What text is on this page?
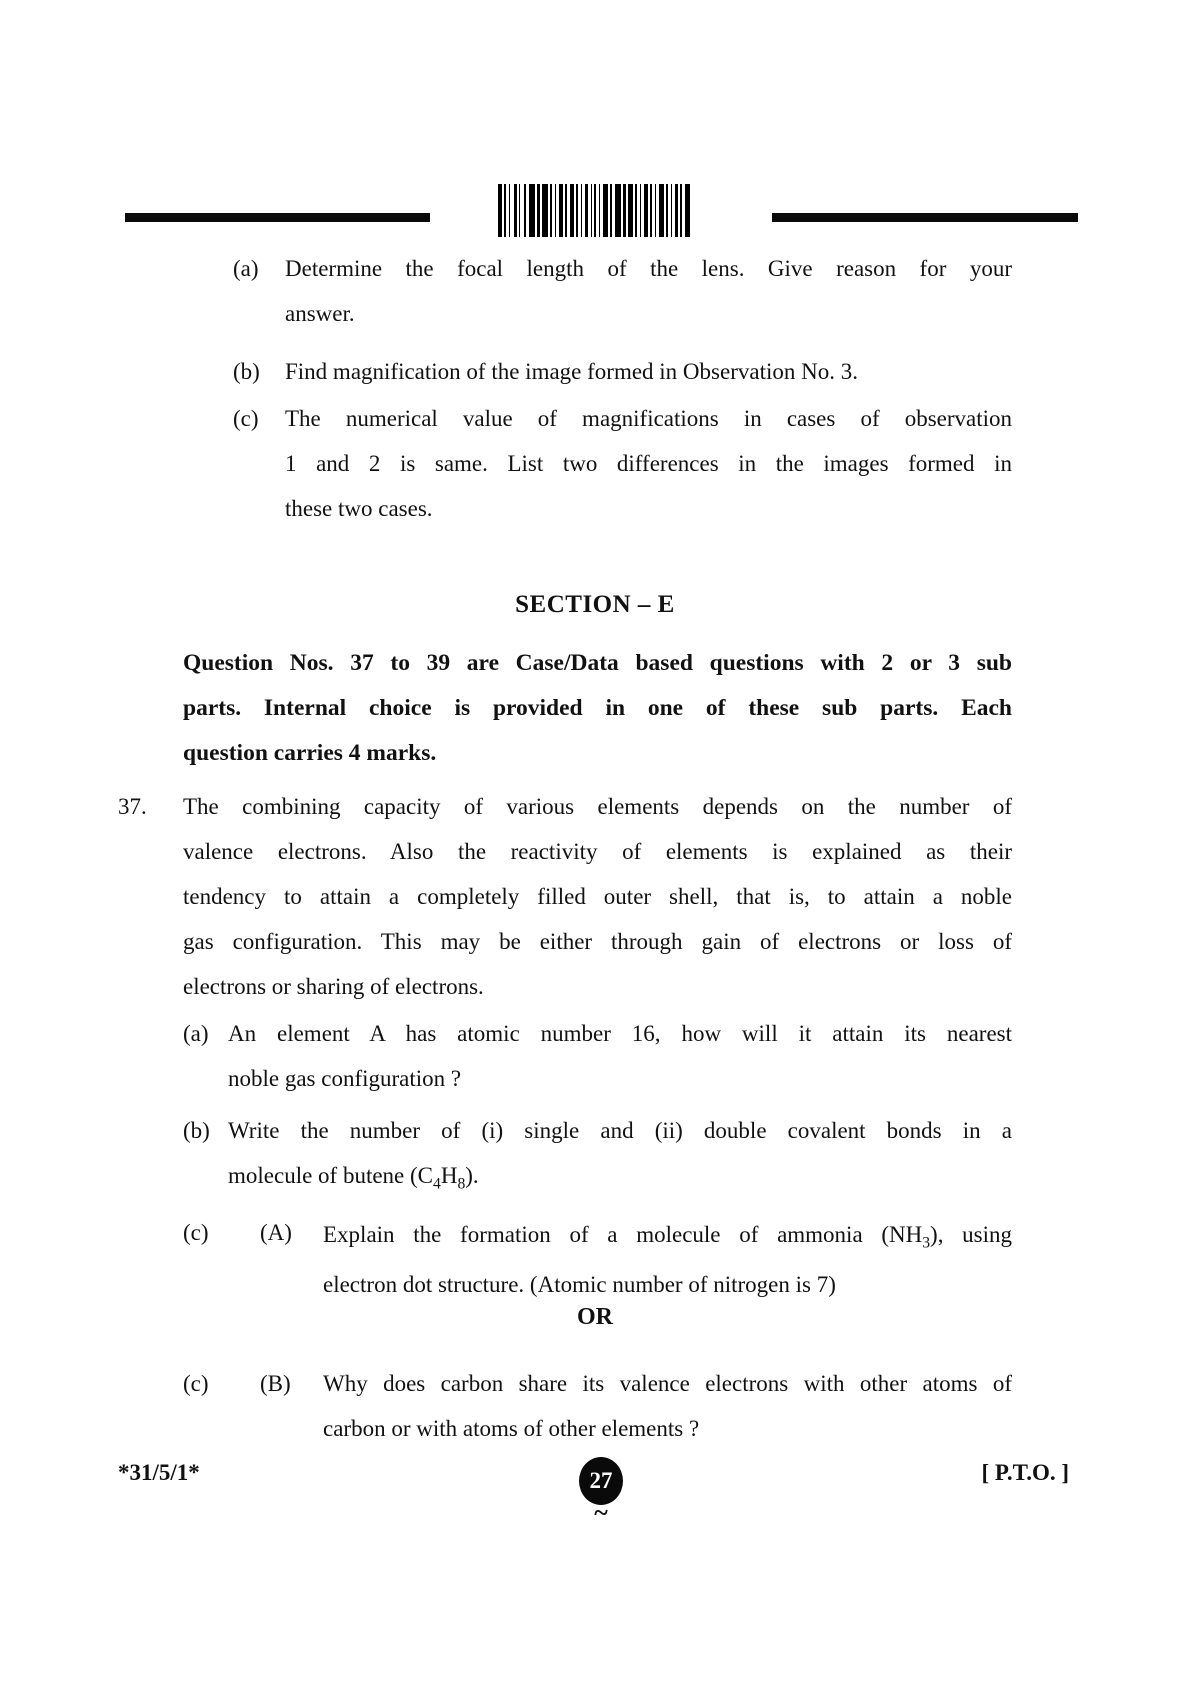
(a)	Determine the focal length of the lens. Give reason for your
answer.
(b)	Find magnification of the image formed in Observation No. 3.
(c)	The numerical value of magnifications in cases of observation
1 and 2 is same. List two differences in the images formed in
these two cases.
SECTION – E
Question Nos. 37 to 39 are Case/Data based questions with 2 or 3 sub
parts. Internal choice is provided in one of these sub parts. Each
question carries 4 marks.
37. The combining capacity of various elements depends on the number of
valence electrons. Also the reactivity of elements is explained as their
tendency to attain a completely filled outer shell, that is, to attain a noble
gas configuration. This may be either through gain of electrons or loss of
electrons or sharing of electrons.
(a) An element A has atomic number 16, how will it attain its nearest
noble gas configuration ?
(b) Write the number of (i) single and (ii) double covalent bonds in a
molecule of butene $(C_4H_8)$.
(c)	(A)	Explain the formation of a molecule of ammonia $(NH_3)$, using
electron dot structure. (Atomic number of nitrogen is 7)
OR
(c)	(B)	Why does carbon share its valence electrons with other atoms of
carbon or with atoms of other elements ?
*31/5/1*	27
~
[ P.T.O. ]
